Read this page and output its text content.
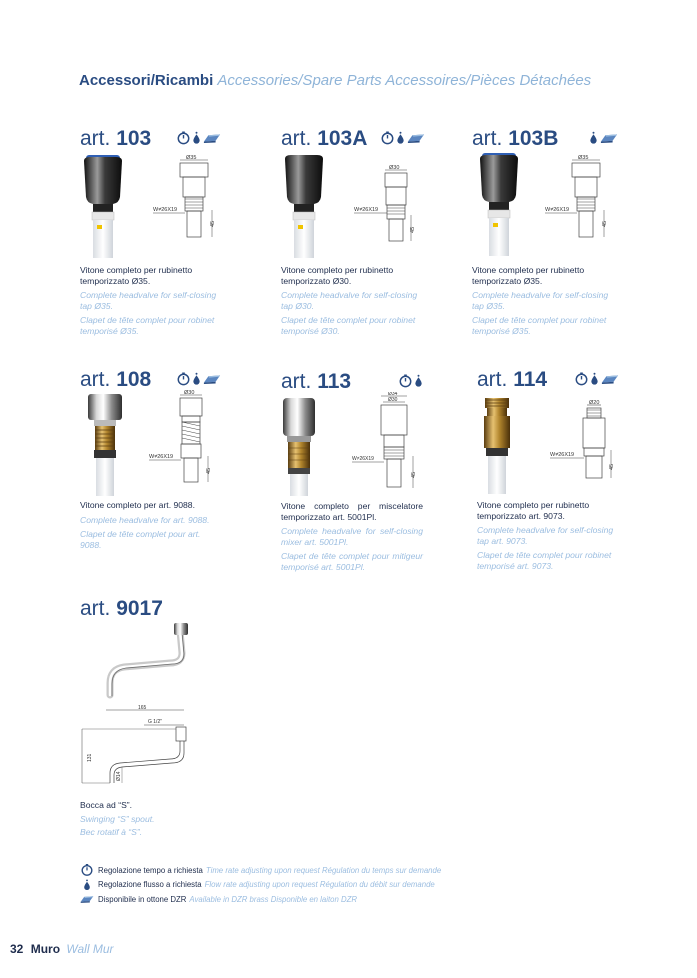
Accessori/Ricambi Accessories/Spare Parts Accessoires/Pièces Détachées
art. 103
Ø35
W≠26X19
45
Vitone completo per rubinetto temporizzato Ø35.
Complete headvalve for self-closing tap Ø35.
Clapet de tête complet pour robinet temporisé Ø35.
art. 103A
Ø30
W≠26X19
45
Vitone completo per rubinetto temporizzato Ø30.
Complete headvalve for self-closing tap Ø30.
Clapet de tête complet pour robinet temporisé Ø30.
art. 103B
Ø35
W≠26X19
45
Vitone completo per rubinetto temporizzato Ø35.
Complete headvalve for self-closing tap Ø35.
Clapet de tête complet pour robinet temporisé Ø35.
art. 108
Ø30
W≠26X19
45
Vitone completo per art. 9088.
Complete headvalve for art. 9088.
Clapet de tête complet pour art. 9088.
art. 113
Ø34
Ø30
W≠26X19
45
Vitone completo per miscelatore temporizzato art. 5001Pl.
Complete headvalve for self-closing mixer art. 5001Pl.
Clapet de tête complet pour mitigeur temporisé art. 5001Pl.
art. 114
Ø20
W≠26X19
45
Vitone completo per rubinetto temporizzato art. 9073.
Complete headvalve for self-closing tap art. 9073.
Clapet de tête complet pour robinet temporisé art. 9073.
art. 9017
165
G 1/2"
131
Ø14
Bocca ad “S”.
Swinging “S” spout.
Bec rotatif à “S”.
Regolazione tempo a richiesta Time rate adjusting upon request Régulation du temps sur demande
Regolazione flusso a richiesta Flow rate adjusting upon request Régulation du débit sur demande
Disponibile in ottone DZR Available in DZR brass Disponible en laiton DZR
32 Muro Wall Mur
